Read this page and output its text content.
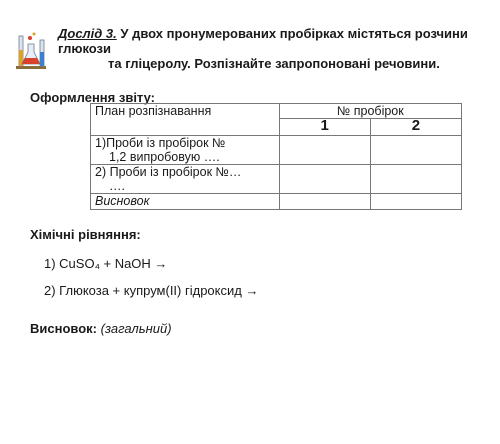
Дослід 3. У двох пронумерованих пробірках містяться розчини глюкози
та гліцеролу. Розпізнайте запропоновані речовини.
Оформлення звіту:
План розпізнавання	№ пробірок	
	1	2

1)Проби із пробірок №
1,2 випробовую ….		

2) Проби із пробірок №…
….		

Висновок		
Хімічні рівняння:
1) CuSO₄ + NaOH →
2) Глюкоза + купрум(ІІ) гідроксид →
Висновок: (загальний)
